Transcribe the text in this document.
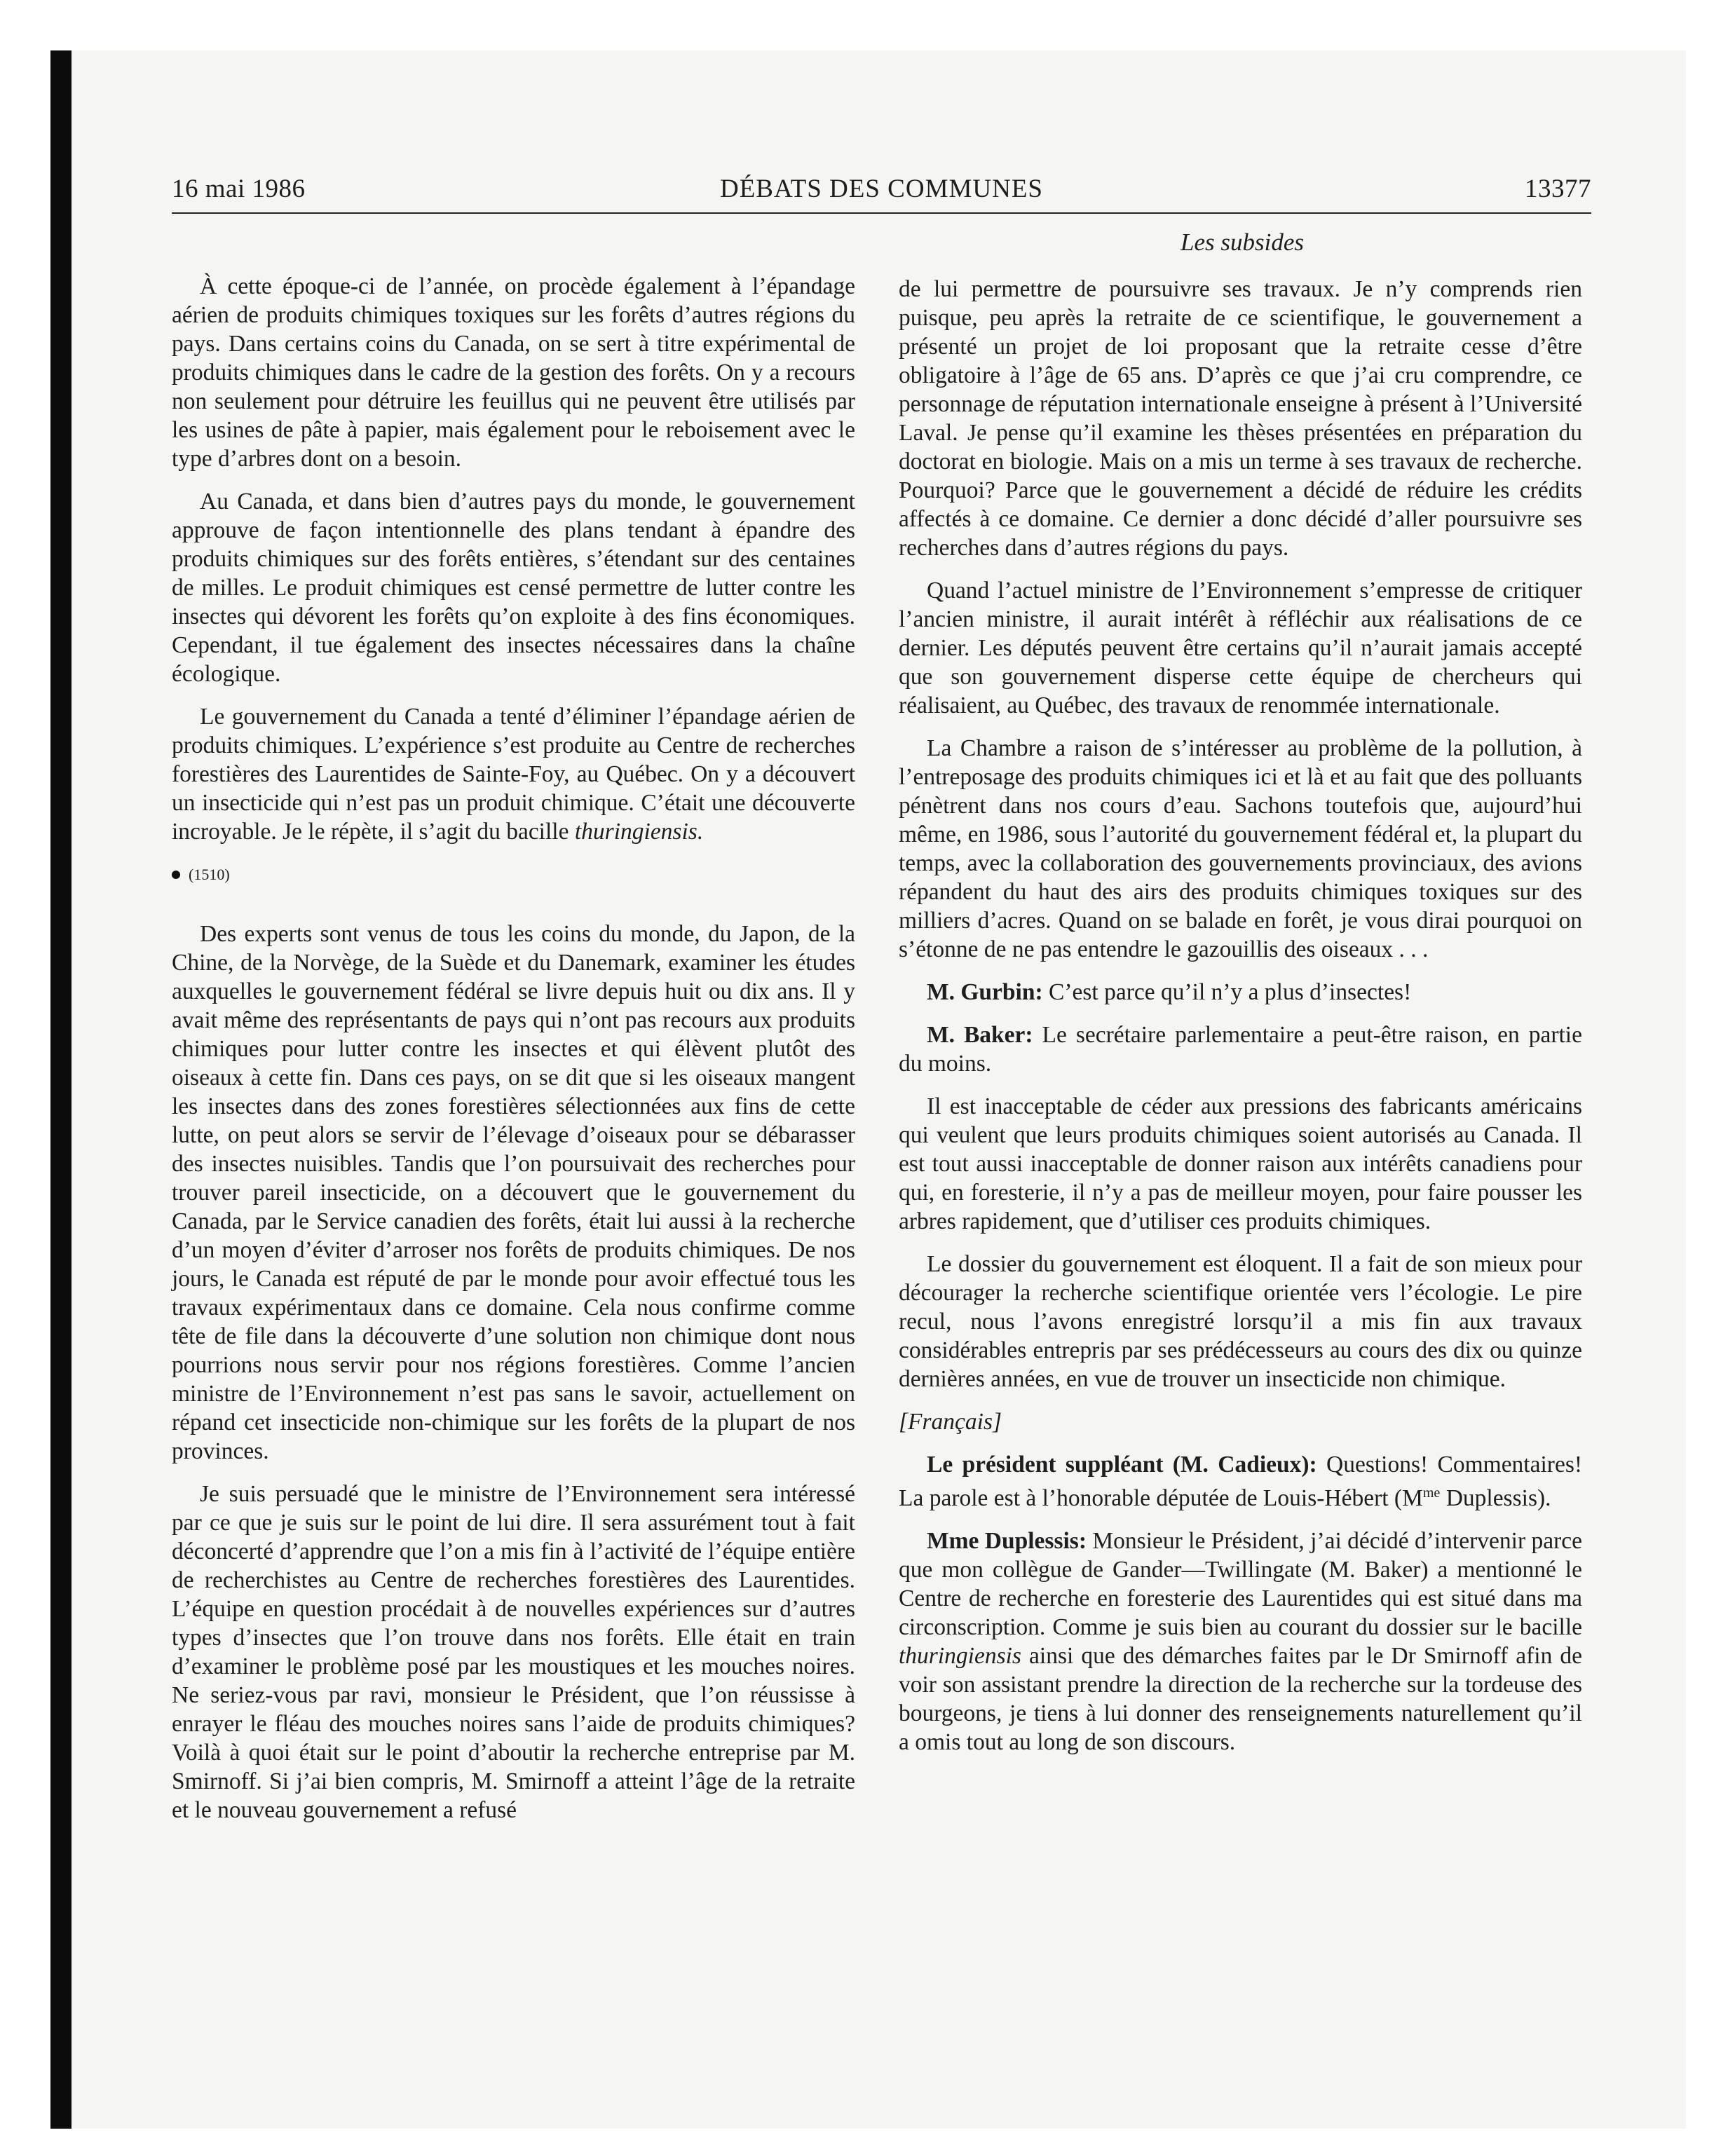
16 mai 1986	DÉBATS DES COMMUNES	13377
Les subsides

À cette époque-ci de l’année, on procède également à l’épandage aérien de produits chimiques toxiques sur les forêts d’autres régions du pays. Dans certains coins du Canada, on se sert à titre expérimental de produits chimiques dans le cadre de la gestion des forêts. On y a recours non seulement pour détruire les feuillus qui ne peuvent être utilisés par les usines de pâte à papier, mais également pour le reboisement avec le type d’arbres dont on a besoin.

Au Canada, et dans bien d’autres pays du monde, le gouvernement approuve de façon intentionnelle des plans tendant à épandre des produits chimiques sur des forêts entières, s’étendant sur des centaines de milles. Le produit chimiques est censé permettre de lutter contre les insectes qui dévorent les forêts qu’on exploite à des fins économiques. Cependant, il tue également des insectes nécessaires dans la chaîne écologique.

Le gouvernement du Canada a tenté d’éliminer l’épandage aérien de produits chimiques. L’expérience s’est produite au Centre de recherches forestières des Laurentides de Sainte-Foy, au Québec. On y a découvert un insecticide qui n’est pas un produit chimique. C’était une découverte incroyable. Je le répète, il s’agit du bacille thuringiensis.

(1510)

Des experts sont venus de tous les coins du monde, du Japon, de la Chine, de la Norvège, de la Suède et du Danemark, examiner les études auxquelles le gouvernement fédéral se livre depuis huit ou dix ans. Il y avait même des représentants de pays qui n’ont pas recours aux produits chimiques pour lutter contre les insectes et qui élèvent plutôt des oiseaux à cette fin. Dans ces pays, on se dit que si les oiseaux mangent les insectes dans des zones forestières sélectionnées aux fins de cette lutte, on peut alors se servir de l’élevage d’oiseaux pour se débarasser des insectes nuisibles. Tandis que l’on poursuivait des recherches pour trouver pareil insecticide, on a découvert que le gouvernement du Canada, par le Service canadien des forêts, était lui aussi à la recherche d’un moyen d’éviter d’arroser nos forêts de produits chimiques. De nos jours, le Canada est réputé de par le monde pour avoir effectué tous les travaux expérimentaux dans ce domaine. Cela nous confirme comme tête de file dans la découverte d’une solution non chimique dont nous pourrions nous servir pour nos régions forestières. Comme l’ancien ministre de l’Environnement n’est pas sans le savoir, actuellement on répand cet insecticide non-chimique sur les forêts de la plupart de nos provinces.

Je suis persuadé que le ministre de l’Environnement sera intéressé par ce que je suis sur le point de lui dire. Il sera assurément tout à fait déconcerté d’apprendre que l’on a mis fin à l’activité de l’équipe entière de recherchistes au Centre de recherches forestières des Laurentides. L’équipe en question procédait à de nouvelles expériences sur d’autres types d’insectes que l’on trouve dans nos forêts. Elle était en train d’examiner le problème posé par les moustiques et les mouches noires. Ne seriez-vous par ravi, monsieur le Président, que l’on réussisse à enrayer le fléau des mouches noires sans l’aide de produits chimiques? Voilà à quoi était sur le point d’aboutir la recherche entreprise par M. Smirnoff. Si j’ai bien compris, M. Smirnoff a atteint l’âge de la retraite et le nouveau gouvernement a refusé

de lui permettre de poursuivre ses travaux. Je n’y comprends rien puisque, peu après la retraite de ce scientifique, le gouvernement a présenté un projet de loi proposant que la retraite cesse d’être obligatoire à l’âge de 65 ans. D’après ce que j’ai cru comprendre, ce personnage de réputation internationale enseigne à présent à l’Université Laval. Je pense qu’il examine les thèses présentées en préparation du doctorat en biologie. Mais on a mis un terme à ses travaux de recherche. Pourquoi? Parce que le gouvernement a décidé de réduire les crédits affectés à ce domaine. Ce dernier a donc décidé d’aller poursuivre ses recherches dans d’autres régions du pays.

Quand l’actuel ministre de l’Environnement s’empresse de critiquer l’ancien ministre, il aurait intérêt à réfléchir aux réalisations de ce dernier. Les députés peuvent être certains qu’il n’aurait jamais accepté que son gouvernement disperse cette équipe de chercheurs qui réalisaient, au Québec, des travaux de renommée internationale.

La Chambre a raison de s’intéresser au problème de la pollution, à l’entreposage des produits chimiques ici et là et au fait que des polluants pénètrent dans nos cours d’eau. Sachons toutefois que, aujourd’hui même, en 1986, sous l’autorité du gouvernement fédéral et, la plupart du temps, avec la collaboration des gouvernements provinciaux, des avions répandent du haut des airs des produits chimiques toxiques sur des milliers d’acres. Quand on se balade en forêt, je vous dirai pourquoi on s’étonne de ne pas entendre le gazouillis des oiseaux . . .

M. Gurbin: C’est parce qu’il n’y a plus d’insectes!

M. Baker: Le secrétaire parlementaire a peut-être raison, en partie du moins.

Il est inacceptable de céder aux pressions des fabricants américains qui veulent que leurs produits chimiques soient autorisés au Canada. Il est tout aussi inacceptable de donner raison aux intérêts canadiens pour qui, en foresterie, il n’y a pas de meilleur moyen, pour faire pousser les arbres rapidement, que d’utiliser ces produits chimiques.

Le dossier du gouvernement est éloquent. Il a fait de son mieux pour décourager la recherche scientifique orientée vers l’écologie. Le pire recul, nous l’avons enregistré lorsqu’il a mis fin aux travaux considérables entrepris par ses prédécesseurs au cours des dix ou quinze dernières années, en vue de trouver un insecticide non chimique.

[Français]

Le président suppléant (M. Cadieux): Questions! Commentaires! La parole est à l’honorable députée de Louis-Hébert ($M^{me}$ Duplessis).

Mme Duplessis: Monsieur le Président, j’ai décidé d’intervenir parce que mon collègue de Gander—Twillingate (M. Baker) a mentionné le Centre de recherche en foresterie des Laurentides qui est situé dans ma circonscription. Comme je suis bien au courant du dossier sur le bacille thuringiensis ainsi que des démarches faites par le Dr Smirnoff afin de voir son assistant prendre la direction de la recherche sur la tordeuse des bourgeons, je tiens à lui donner des renseignements naturellement qu’il a omis tout au long de son discours.
